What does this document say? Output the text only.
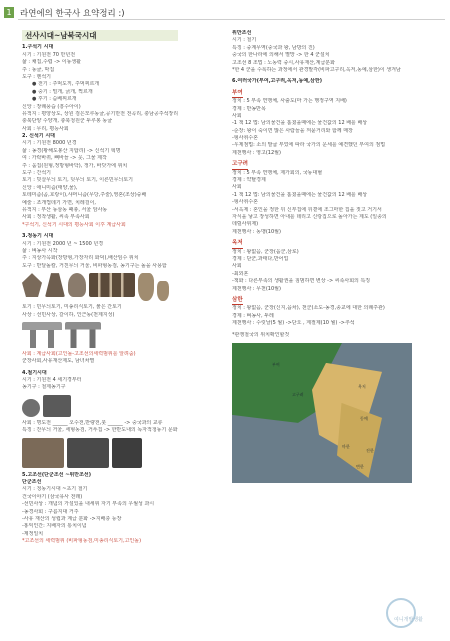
1 라연에의 한국사 요약정리 :)
선사시대~남북국시대
1.구석기 시대
시기 : 기원전 70 만년전
삶 : 채집,수렵 -> 이동생활
주 : 동굴, 막집
도구 : 뗀석기
● 전기 : 주먹도끼, 주먹찌르개
● 중기 : 밀개, 긁개, 찍르개
● 후기 : 슴베찌르개
신앙 : 장례풍습 (흥수아이)
유적지 : 평양상도, 상원 검은모루동굴,공기만전 전곡리, 충남공주석장리
충북단양 수양개, 충북청원군 두루봉 동굴
사회 : 무리, 평등사회
2. 신석기 시대
시기 : 기원전 8000 년경
삶 : 농경(황해도봉산 지탑리) -> 신석기 혁명
여 : 가락바퀴, 뼈바늘 -> 옷, 그물 제작
주 : 움집(원형,정방형바닥), 정가, 바닷가에 위치
도구 : 간석기
토기 : 빗살무늬 토기, 덧무늬 토기, 이른민무늬토기
신앙 : 애니미즘(태양,물),
토테미즘(곰,호랑이),샤머니즘(무당,주술),영혼(조상)숭배
예술 : 조개껍데기 가면, 치레걸이,
유적지 : 부산 동삼동 패총, 서울 암사동
사회 : 정착생활, 씨족 부족사회
*구석기, 신석기 시대의 평등사회 이후 계급사회
3.청동기 시대
시기 : 기원전 2000 년 ~ 1500 년경
삶 : 벼농사 시작
주 : 지상가옥화(장방형,가장자리 화덕),배산임수 위치
도구 : 반달돌칼, 거친무늬 거울, 비파형동검, 농기구는 돌을 사용함
토기 : 민무늬토기, 미송리식토기, 붉은 간토기
사상 : 선민사상, 갈이하, 인근동(천제지성)
사회 : 계급사회(고인돌-고조선의세력범위를 알려줌)
군장사회,사유재산제도, 남녀차별
4.철기시대
시기 : 기원전 4 세기경부터
농기구 : 철제농기구
사회 : 명도전 ______ 오수전,반량전,붓 ______ -> 중국과의 교류
특징 : 잔무늬 거울, 세형동검, 거푸집 -> 한반도내의 독자적청동기 문화
5.고조선(단군조선 ~위만조선)
단군조선
시기 : 청동기시대 ~초기 철기
건국이야기 (삼국유사 전래)
-선민사상 : 개념의 가설있을 내세위 자기 부족의 우월성 과시
-농경사회 : 구름지대 거주
-사유 재산의 성립과 계급 분화 ->지배층 등장
-홍익인간: 지배자의 통치이념
-제정일치
*고조선의 세력범위 (비파형동검,미송리식토기,고인돌)
위만조선
시기 : 철기
특징 : 중계무역(중국과 왕, 남방의 진)
중국의 한나라에 의해서 멸망 -> 한 4 군설치
고조선 8 조법 : 노동력 중시,사유재산,계급분화
*한 4 군을 수록하는 과정에서 관경발각(비파고구리,옥저,동예,삼한)이 생겨남
6.여러국가(부여,고구려,옥저,동예,삼한)
부여
정치 : 5 부족 연맹체, 사출도(마 가는 행정구역 지배)
경제 : 반농반목
사회
-1 책 12 법: 남의물건을 훔쳤을때에는 물건값의 12 배를 배상
-순장: 왕이 죽이면 많은 사람들을 껴묻거리와 함께 매장
-형사취수혼
-우제점법: 소의 발굽 부었에 따라 국가의 운세를 예견했던 부여의 점법
제천행사 : 영고(12월)
고구려
정치 : 5 부족 연맹체, 제가회의, 국동대혈
경제 : 약탈경제
사회
-1 책 12 법: 남의물건을 훔쳤을때에는 물건값의 12 배를 배상
-형사취수혼
-서옥제 : 혼인을 정한 뒤 신부집에 뒤곁에 조그마한 집을 짓고 거기서
자식을 낳고 장성하면 아내를 데리고 신랑집으로 돌아가는 제도 (일종의
데릴사위제)
제천행사 : 동맹(10월)
옥저
정치 : 왕없음, 군장(읍군,삼로)
경제 : 단군,과태다,반어업
사회
-최외혼
-책화 : 다른부족의 생활권을 침범하면 변상 -> 씨족사회의 특징
제천행사 : 무천(10월)
삼한
정치 : 왕없음, 군장(신지,읍차), 천군(소도-농경,종교에 대한 의례주관)
경제 : 벼농사, 두레
제천행사 : 수릿날(5 월) ->단오 , 계절제(10 월) ->추석
*관쟁철국의 위치확인할것
부여
고구려
옥저
동예
마한
진한
변한
여니개발생활
